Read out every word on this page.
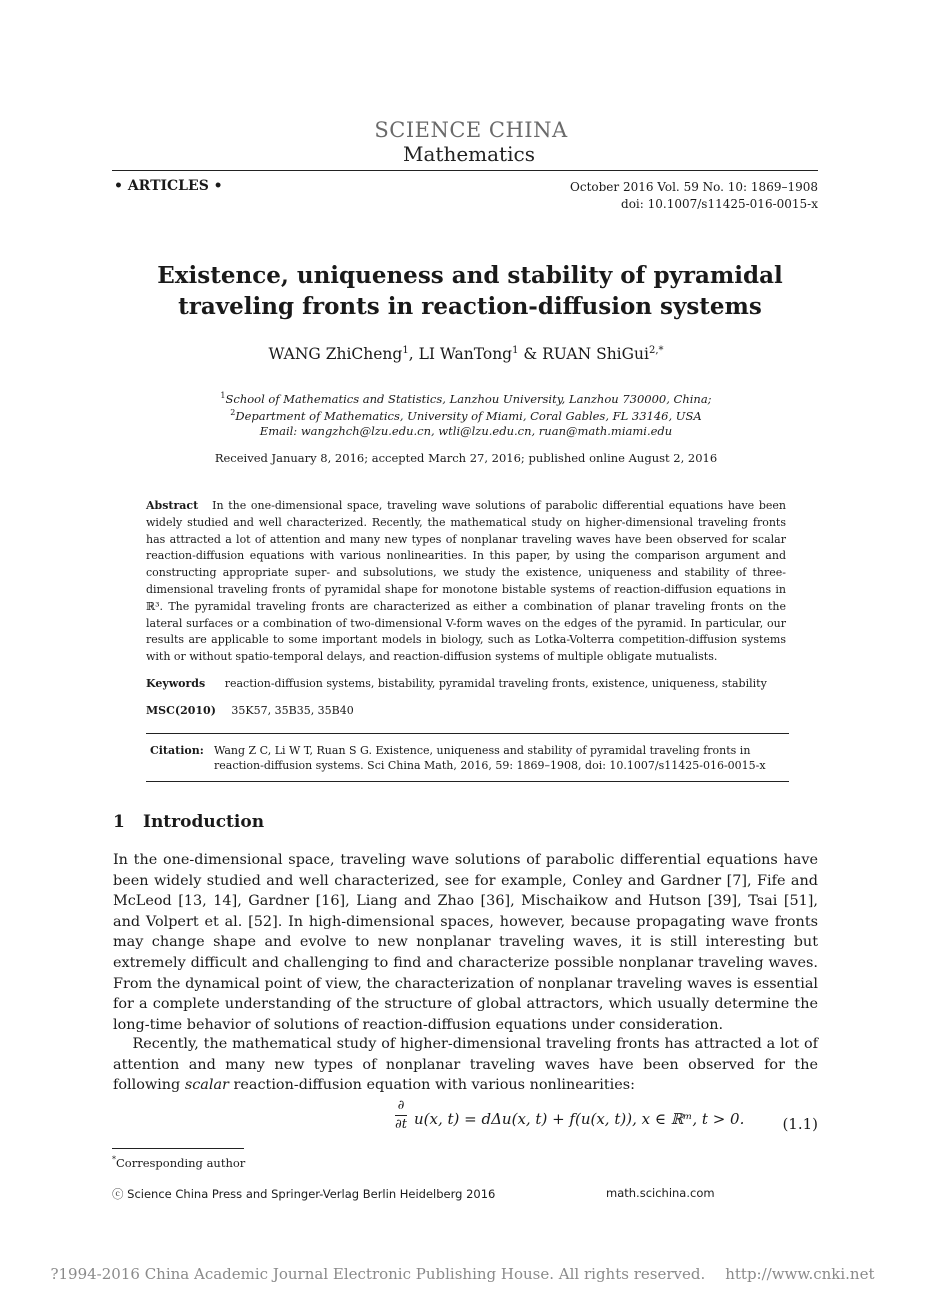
SCIENCE CHINA
Mathematics
• ARTICLES •	October 2016 Vol. 59 No. 10: 1869–1908
doi: 10.1007/s11425-016-0015-x
Existence, uniqueness and stability of pyramidal
traveling fronts in reaction-diffusion systems
WANG ZhiCheng$^1$, LI WanTong$^1$ & RUAN ShiGui$^{2,*}$
$^1$School of Mathematics and Statistics, Lanzhou University, Lanzhou 730000, China;
$^2$Department of Mathematics, University of Miami, Coral Gables, FL 33146, USA
Email: wangzhch@lzu.edu.cn, wtli@lzu.edu.cn, ruan@math.miami.edu
Received January 8, 2016; accepted March 27, 2016; published online August 2, 2016
Abstract In the one-dimensional space, traveling wave solutions of parabolic differential equations have been widely studied and well characterized. Recently, the mathematical study on higher-dimensional traveling fronts has attracted a lot of attention and many new types of nonplanar traveling waves have been observed for scalar reaction-diffusion equations with various nonlinearities. In this paper, by using the comparison argument and constructing appropriate super- and subsolutions, we study the existence, uniqueness and stability of three-dimensional traveling fronts of pyramidal shape for monotone bistable systems of reaction-diffusion equations in ℝ³. The pyramidal traveling fronts are characterized as either a combination of planar traveling fronts on the lateral surfaces or a combination of two-dimensional V-form waves on the edges of the pyramid. In particular, our results are applicable to some important models in biology, such as Lotka-Volterra competition-diffusion systems with or without spatio-temporal delays, and reaction-diffusion systems of multiple obligate mutualists.
Keywords reaction-diffusion systems, bistability, pyramidal traveling fronts, existence, uniqueness, stability
MSC(2010) 35K57, 35B35, 35B40
Citation: Wang Z C, Li W T, Ruan S G. Existence, uniqueness and stability of pyramidal traveling fronts in
reaction-diffusion systems. Sci China Math, 2016, 59: 1869–1908, doi: 10.1007/s11425-016-0015-x
1 Introduction
In the one-dimensional space, traveling wave solutions of parabolic differential equations have been widely studied and well characterized, see for example, Conley and Gardner [7], Fife and McLeod [13, 14], Gardner [16], Liang and Zhao [36], Mischaikow and Hutson [39], Tsai [51], and Volpert et al. [52]. In high-dimensional spaces, however, because propagating wave fronts may change shape and evolve to new nonplanar traveling waves, it is still interesting but extremely difficult and challenging to find and characterize possible nonplanar traveling waves. From the dynamical point of view, the characterization of nonplanar traveling waves is essential for a complete understanding of the structure of global attractors, which usually determine the long-time behavior of solutions of reaction-diffusion equations under consideration.
Recently, the mathematical study of higher-dimensional traveling fronts has attracted a lot of attention and many new types of nonplanar traveling waves have been observed for the following scalar reaction-diffusion equation with various nonlinearities:
∂
∂t u(x, t) = dΔu(x, t) + f(u(x, t)), x ∈ ℝᵐ, t > 0.	(1.1)
*Corresponding author
ⓒ Science China Press and Springer-Verlag Berlin Heidelberg 2016	math.scichina.com
?1994-2016 China Academic Journal Electronic Publishing House. All rights reserved. http://www.cnki.net
